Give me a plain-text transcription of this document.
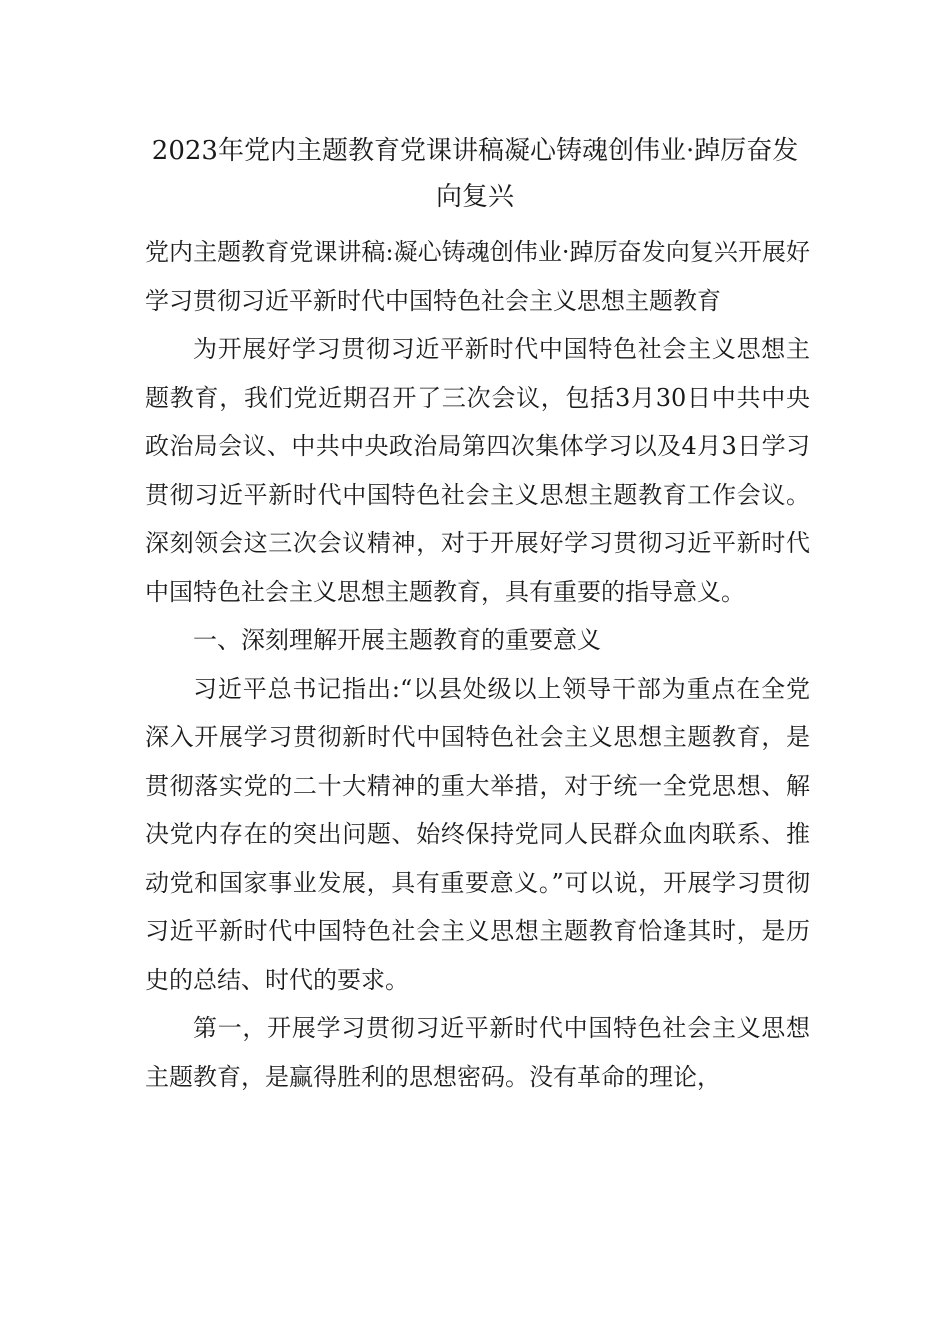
2023年党内主题教育党课讲稿凝心铸魂创伟业·踔厉奋发向复兴

党内主题教育党课讲稿:凝心铸魂创伟业·踔厉奋发向复兴开展好学习贯彻习近平新时代中国特色社会主义思想主题教育

为开展好学习贯彻习近平新时代中国特色社会主义思想主题教育，我们党近期召开了三次会议，包括3月30日中共中央政治局会议、中共中央政治局第四次集体学习以及4月3日学习贯彻习近平新时代中国特色社会主义思想主题教育工作会议。深刻领会这三次会议精神，对于开展好学习贯彻习近平新时代中国特色社会主义思想主题教育，具有重要的指导意义。

一、深刻理解开展主题教育的重要意义

习近平总书记指出:“以县处级以上领导干部为重点在全党深入开展学习贯彻新时代中国特色社会主义思想主题教育，是贯彻落实党的二十大精神的重大举措，对于统一全党思想、解决党内存在的突出问题、始终保持党同人民群众血肉联系、推动党和国家事业发展，具有重要意义。”可以说，开展学习贯彻习近平新时代中国特色社会主义思想主题教育恰逢其时，是历史的总结、时代的要求。

第一，开展学习贯彻习近平新时代中国特色社会主义思想主题教育，是赢得胜利的思想密码。没有革命的理论，
